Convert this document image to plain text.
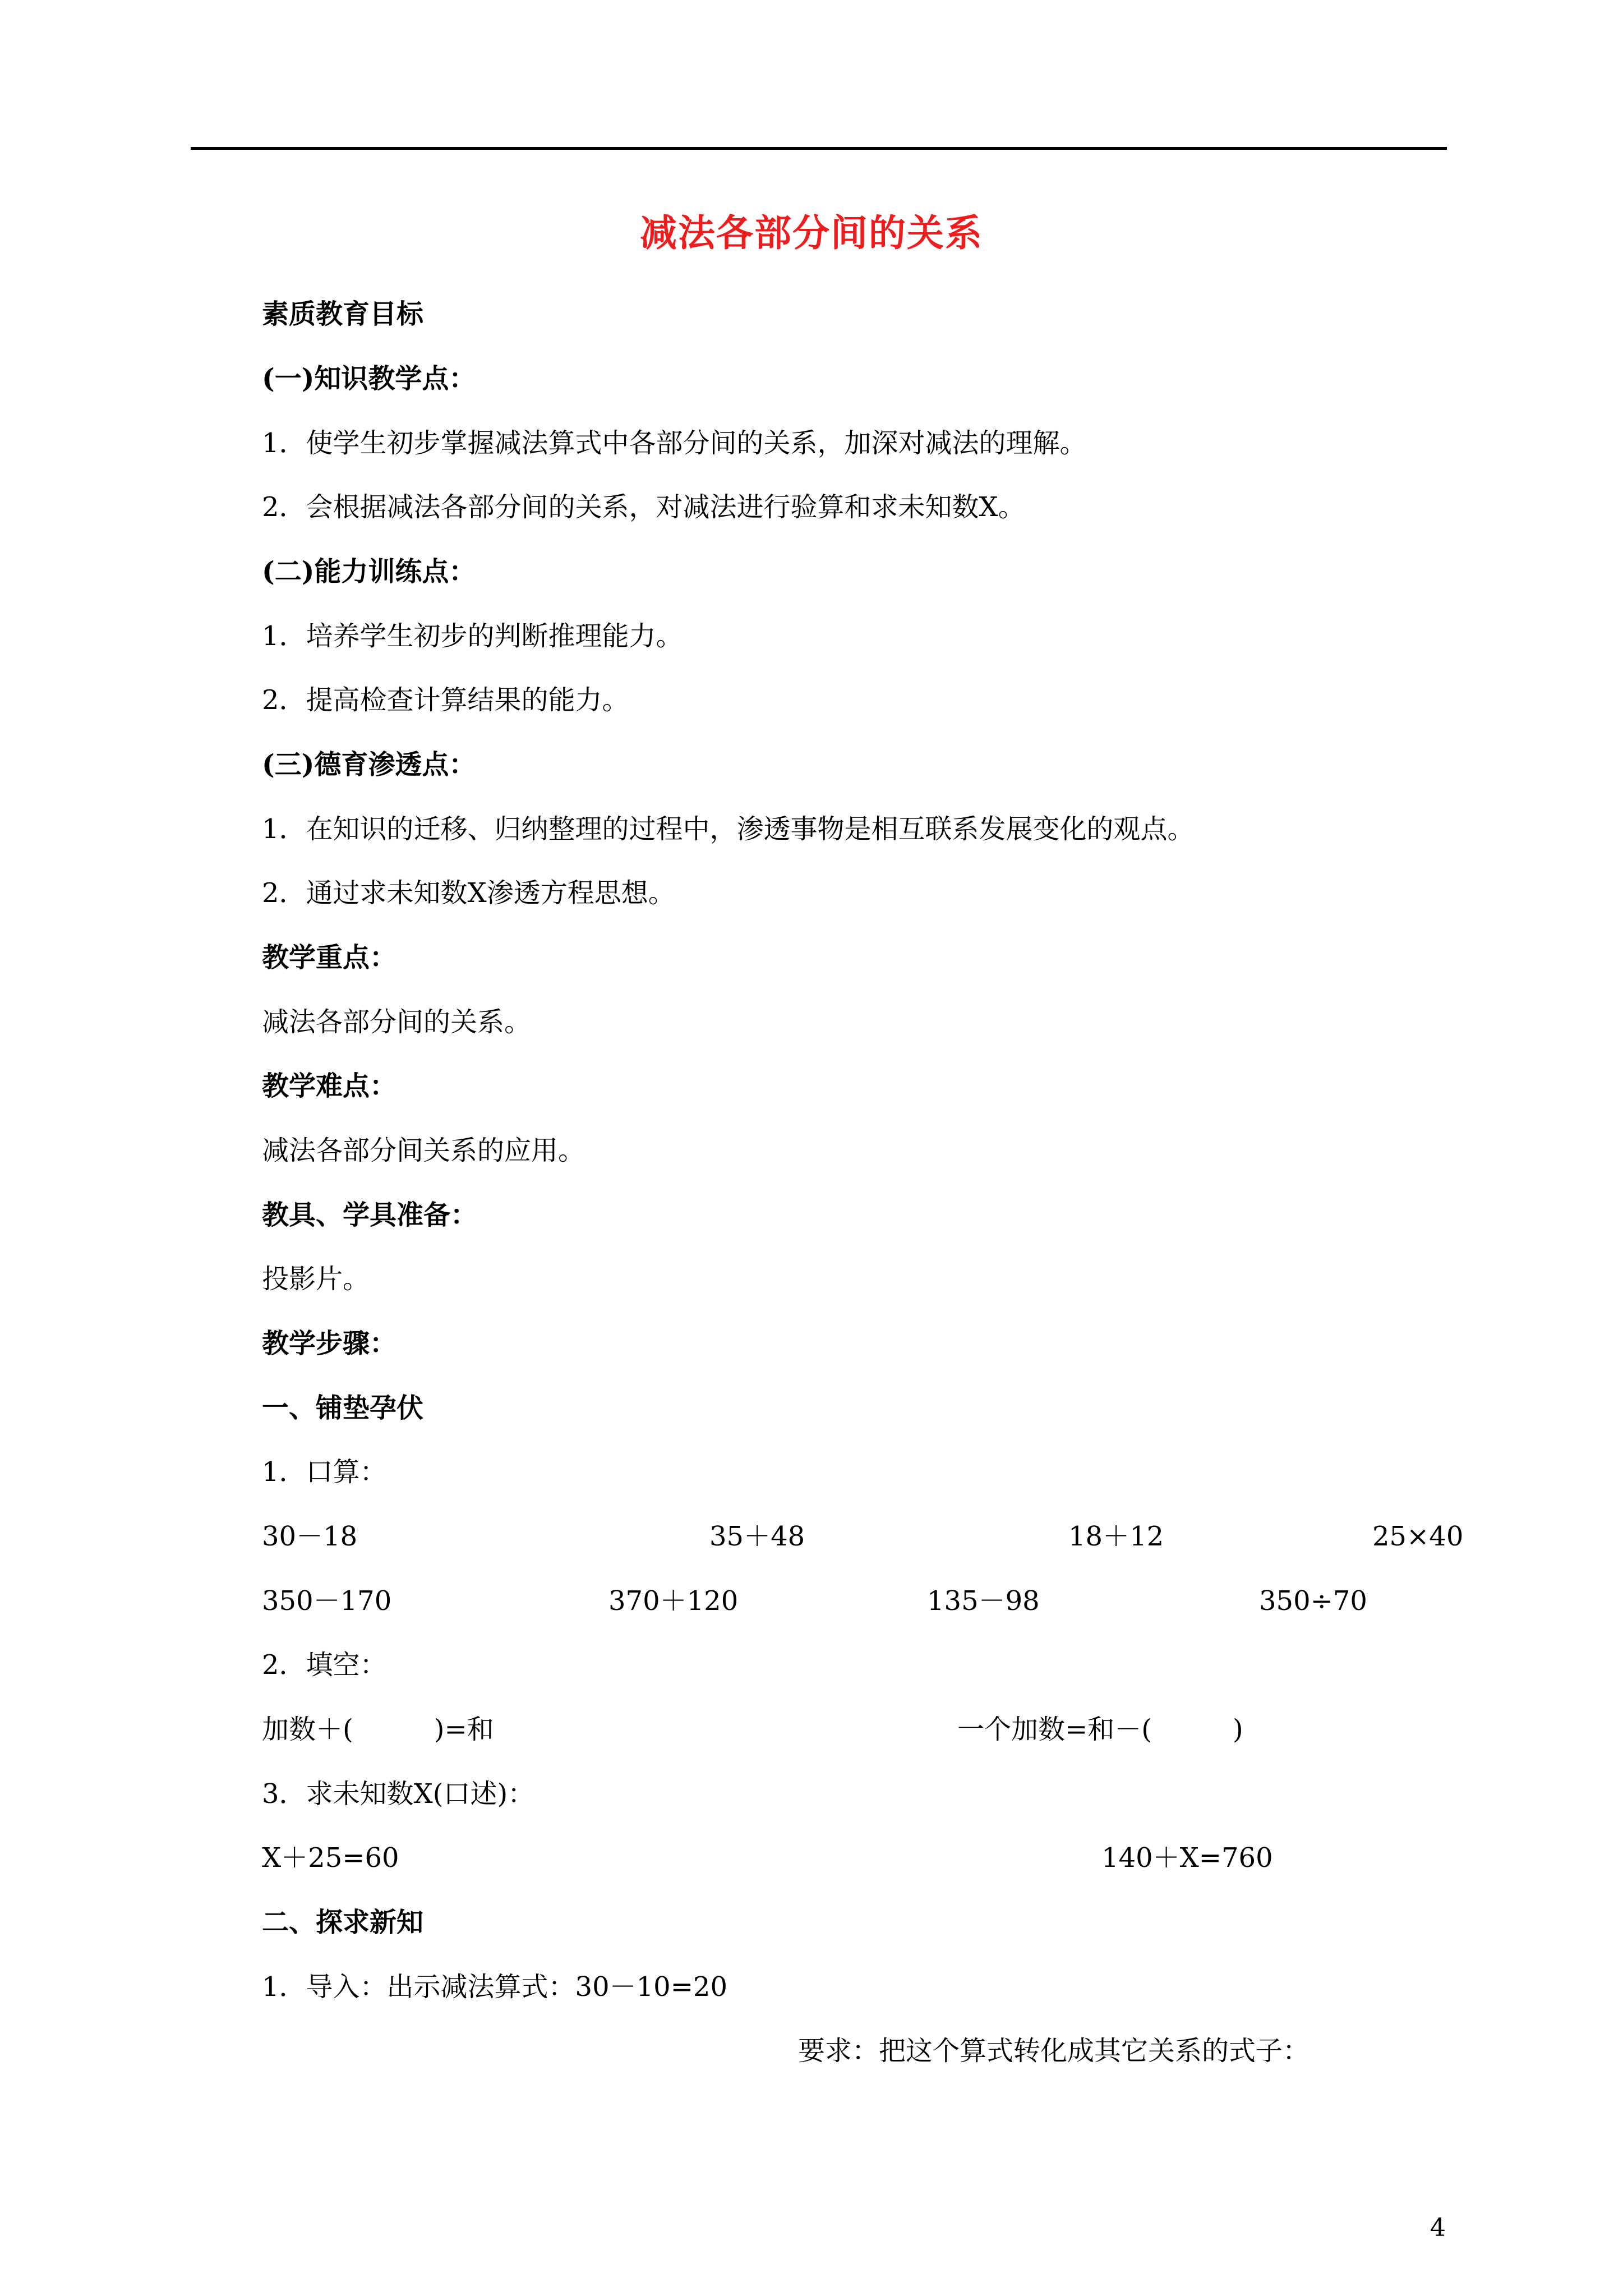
减法各部分间的关系
素质教育目标
(一)知识教学点：
1．使学生初步掌握减法算式中各部分间的关系，加深对减法的理解。
2．会根据减法各部分间的关系，对减法进行验算和求未知数X。
(二)能力训练点：
1．培养学生初步的判断推理能力。
2．提高检查计算结果的能力。
(三)德育渗透点：
1．在知识的迁移、归纳整理的过程中，渗透事物是相互联系发展变化的观点。
2．通过求未知数X渗透方程思想。
教学重点：
减法各部分间的关系。
教学难点：
减法各部分间关系的应用。
教具、学具准备：
投影片。
教学步骤：
一、铺垫孕伏
1．口算：
30－18	35＋48	18＋12	25×40
350－170	370＋120	135－98	350÷70
2．填空：
加数＋(　　　)=和	一个加数=和－(　　　)
3．求未知数X(口述)：
X＋25=60	140＋X=760
二、探求新知
1．导入：出示减法算式：30－10=20
要求：把这个算式转化成其它关系的式子：
4
